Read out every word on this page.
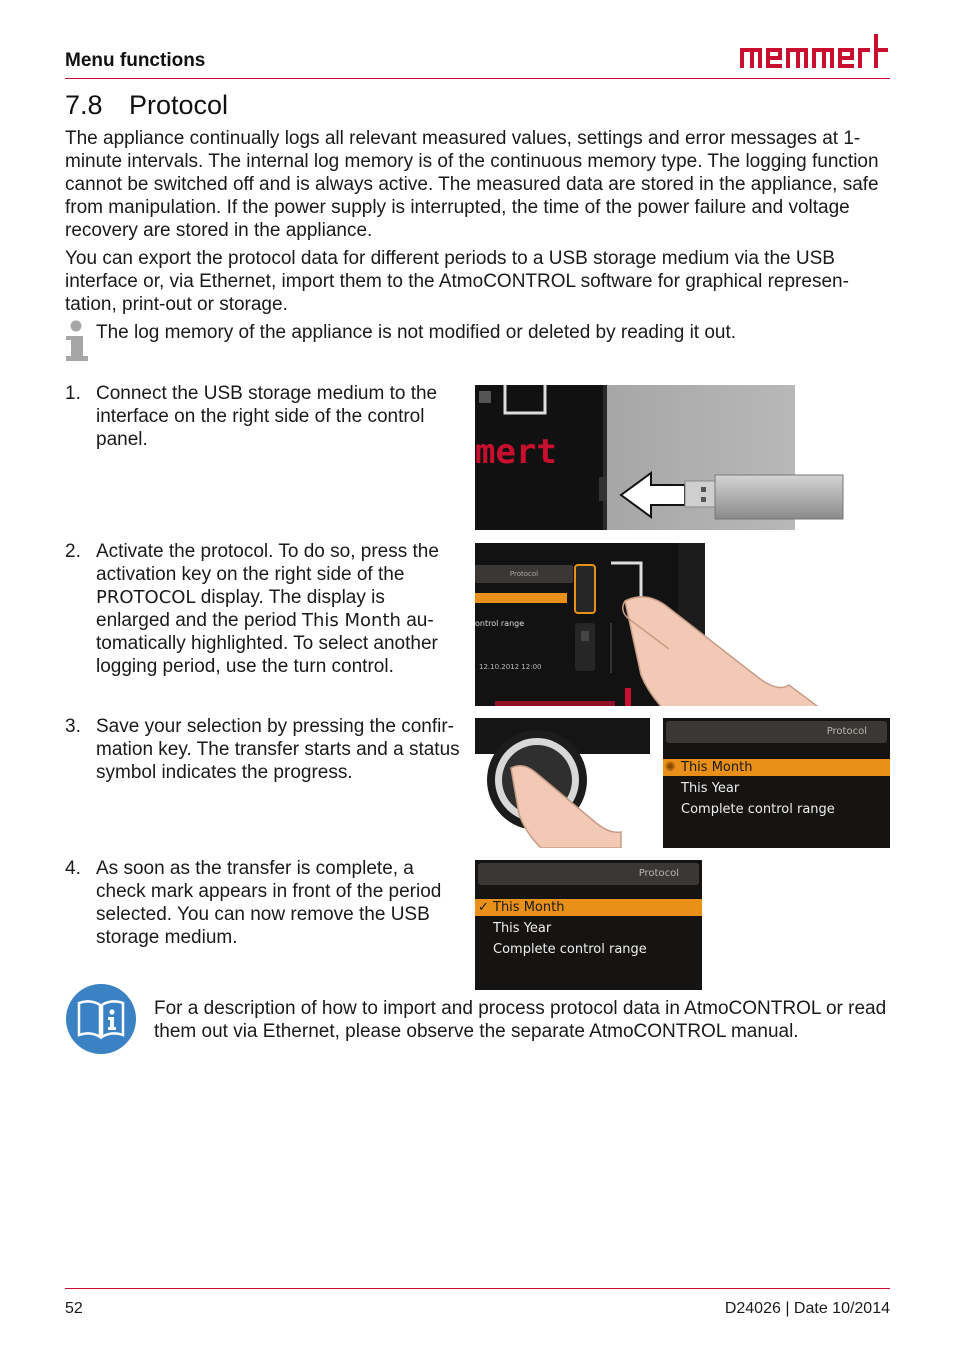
Menu functions
7.8 Protocol
The appliance continually logs all relevant measured values, settings and error messages at 1-minute intervals. The internal log memory is of the continuous memory type. The logging function cannot be switched off and is always active. The measured data are stored in the appliance, safe from manipulation. If the power supply is interrupted, the time of the power failure and voltage recovery are stored in the appliance.
You can export the protocol data for different periods to a USB storage medium via the USB interface or, via Ethernet, import them to the AtmoCONTROL software for graphical represen-tation, print-out or storage.
The log memory of the appliance is not modified or deleted by reading it out.
1. Connect the USB storage medium to the interface on the right side of the control panel.	mert
2. Activate the protocol. To do so, press the activation key on the right side of the PROTOCOL display. The display is enlarged and the period This Month au-tomatically highlighted. To select another logging period, use the turn control.
Protocol
ontrol range
12.10.2012 12:00
3. Save your selection by pressing the confir-mation key. The transfer starts and a status symbol indicates the progress.
Protocol
✺ This Month
This Year
Complete control range
4. As soon as the transfer is complete, a check mark appears in front of the period selected. You can now remove the USB storage medium.
Protocol
✓ This Month
This Year
Complete control range
For a description of how to import and process protocol data in AtmoCONTROL or read them out via Ethernet, please observe the separate AtmoCONTROL manual.
52	D24026 | Date 10/2014
